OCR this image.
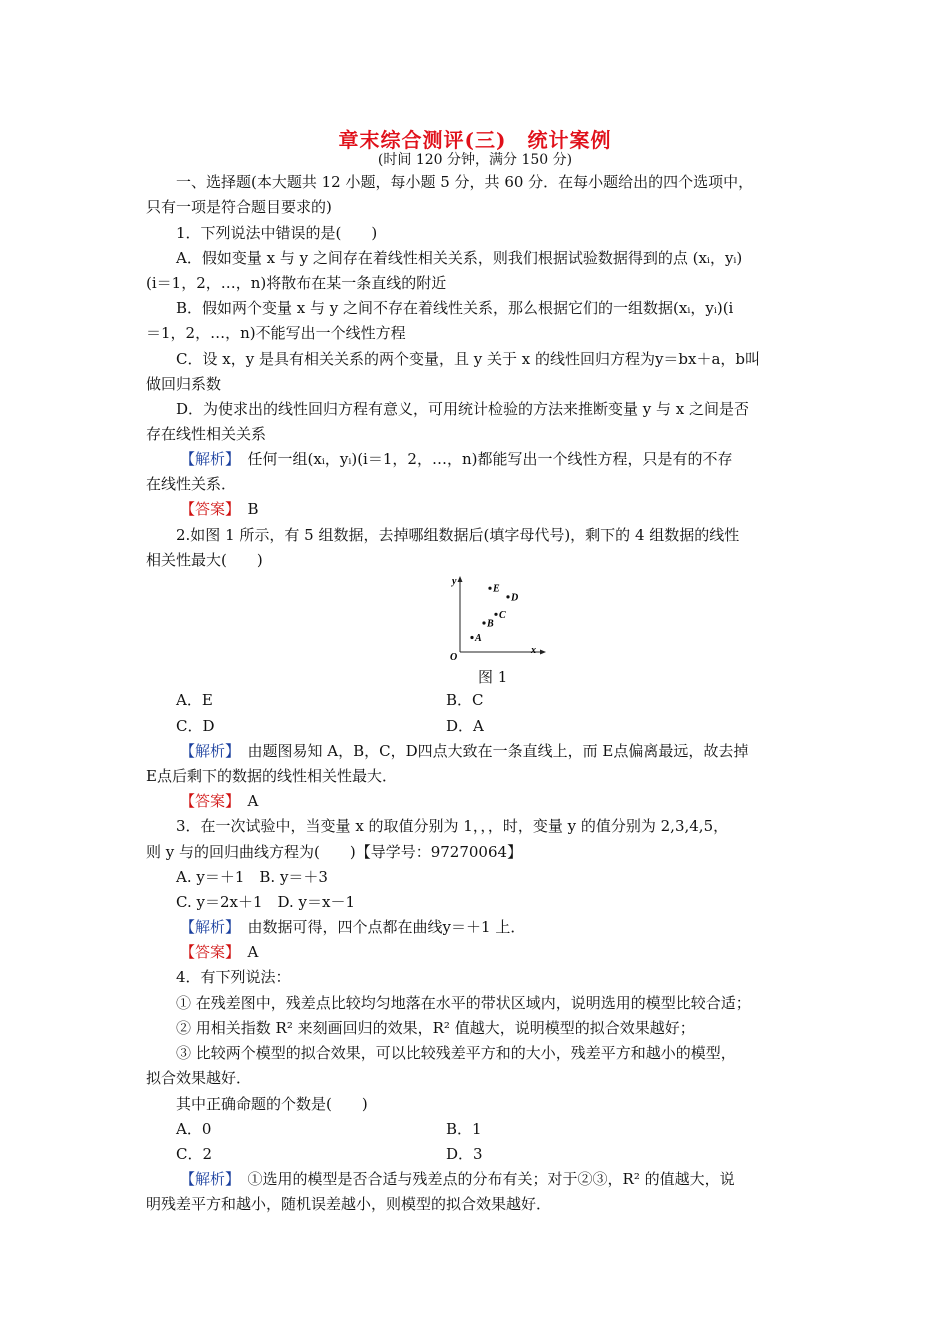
章末综合测评(三)　统计案例
(时间 120 分钟，满分 150 分)
一、选择题(本大题共 12 小题，每小题 5 分，共 60 分．在每小题给出的四个选项中，
只有一项是符合题目要求的)
1．下列说法中错误的是(　　)
A．假如变量 x 与 y 之间存在着线性相关关系，则我们根据试验数据得到的点 (xᵢ，yᵢ)
(i＝1，2，…，n)将散布在某一条直线的附近
B．假如两个变量 x 与 y 之间不存在着线性关系，那么根据它们的一组数据(xᵢ，yᵢ)(i
＝1，2，…，n)不能写出一个线性方程
C．设 x，y 是具有相关关系的两个变量，且 y 关于 x 的线性回归方程为y＝bx＋a，b叫
做回归系数
D．为使求出的线性回归方程有意义，可用统计检验的方法来推断变量 y 与 x 之间是否
存在线性相关关系
【解析】　 任何一组(xᵢ，yᵢ)(i＝1，2，…，n)都能写出一个线性方程，只是有的不存
在线性关系．
【答案】　 B
2.如图 1 所示，有 5 组数据，去掉哪组数据后(填字母代号)，剩下的 4 组数据的线性
相关性最大(　　)
y
x
O
A
B
C
D
E
图 1
A．E	B．C
C．D	D．A
【解析】　 由题图易知 A，B，C，D四点大致在一条直线上，而 E点偏离最远，故去掉
E点后剩下的数据的线性相关性最大．
【答案】　 A
3．在一次试验中，当变量 x 的取值分别为 1，，，时，变量 y 的值分别为 2,3,4,5，
则 y 与的回归曲线方程为(　　)【导学号：97270064】
A. y＝＋1　B. y＝＋3
C. y＝2x＋1　D. y＝x－1
【解析】　 由数据可得，四个点都在曲线y＝＋1 上．
【答案】　 A
4．有下列说法：
① 在残差图中，残差点比较均匀地落在水平的带状区域内，说明选用的模型比较合适；
② 用相关指数 R² 来刻画回归的效果，R² 值越大，说明模型的拟合效果越好；
③ 比较两个模型的拟合效果，可以比较残差平方和的大小，残差平方和越小的模型，
拟合效果越好．
其中正确命题的个数是(　　)
A．0	B．1
C．2	D．3
【解析】　 ①选用的模型是否合适与残差点的分布有关；对于②③，R² 的值越大，说
明残差平方和越小，随机误差越小，则模型的拟合效果越好．
